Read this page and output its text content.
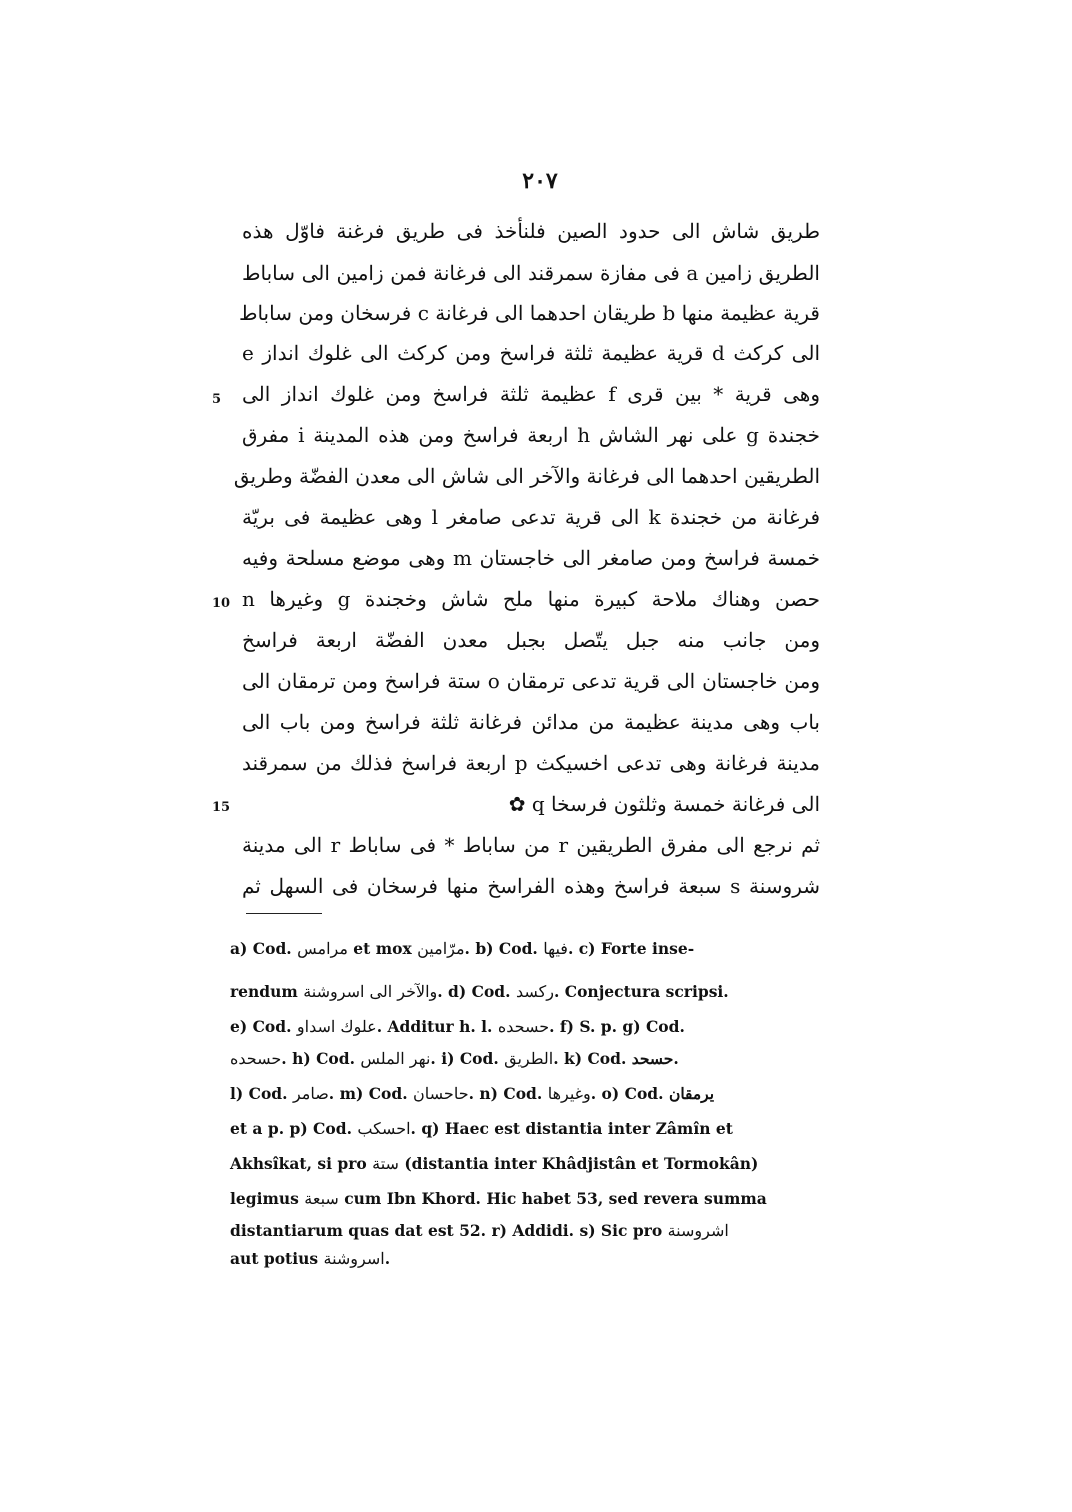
۲۰۷
طريق شاش الى حدود الصين فلنأخذ فى طريق فرغنة فاوّل هذه
الطريق زامين a فى مفازة سمرقند الى فرغانة فمن زامين الى ساباط
قرية عظيمة منها b طريقان احدهما الى فرغانة c فرسخان ومن ساباط
الى كركث d قرية عظيمة ثلثة فراسخ ومن كركث الى غلوك انداز e
وهى قرية * بين قرى f عظيمة ثلثة فراسخ ومن غلوك انداز الى
خجندة g على نهر الشاش h اربعة فراسخ ومن هذه المدينة i مفرق
الطريقين احدهما الى فرغانة والآخر الى شاش الى معدن الفضّة وطريق
فرغانة من خجندة k الى قرية تدعى صامغر l وهى عظيمة فى بريّة
خمسة فراسخ ومن صامغر الى خاجستان m وهى موضع مسلحة وفيه
حصن وهناك ملاحة كبيرة منها ملح شاش وخجندة g وغيرها n
ومن جانب منه جبل يتّصل بجبل معدن الفضّة اربعة فراسخ
ومن خاجستان الى قرية تدعى ترمقان o ستة فراسخ ومن ترمقان الى
باب وهى مدينة عظيمة من مدائن فرغانة ثلثة فراسخ ومن باب الى
مدينة فرغانة وهى تدعى اخسيكث p اربعة فراسخ فذلك من سمرقند
الى فرغانة خمسة وثلثون فرسخا q ✿
ثم نرجع الى مفرق الطريقين r من ساباط * فى ساباط r الى مدينة
شروسنة s سبعة فراسخ وهذه الفراسخ منها فرسخان فى السهل ثم
5
10
15
a) Cod. مرامس et mox مرّامين. b) Cod. فيها. c) Forte inse-
rendum والآخر الى اسروشنة. d) Cod. ركسد. Conjectura scripsi.
e) Cod. علوك اسداو. Additur h. l. حسحده. f) S. p. g) Cod.
حسحده. h) Cod. نهر الملس. i) Cod. الطريق. k) Cod. حسحد.
l) Cod. صامر. m) Cod. حاحسان. n) Cod. وغيرها. o) Cod. يرمقان
et a p. p) Cod. احسكب. q) Haec est distantia inter Zâmîn et
Akhsîkat, si pro ستة (distantia inter Khâdjistân et Tormokân)
legimus سبعة cum Ibn Khord. Hic habet 53, sed revera summa
distantiarum quas dat est 52. r) Addidi. s) Sic pro اشروسنة
aut potius اسروشنة.
